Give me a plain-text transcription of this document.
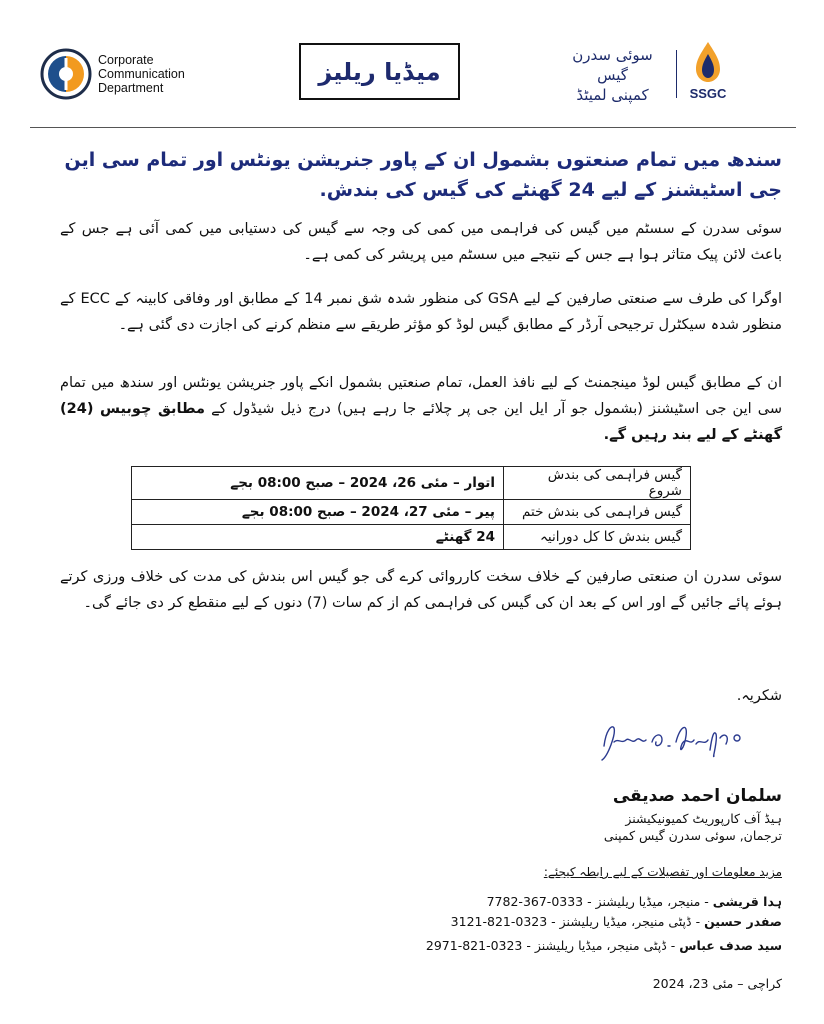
Corporate
Communication
Department
میڈیا ریلیز
سوئی سدرن گیس
کمپنی لمیٹڈ	SSGC
سندھ میں تمام صنعتوں بشمول ان کے پاور جنریشن یونٹس اور تمام سی این جی اسٹیشنز کے لیے 24 گھنٹے کی گیس کی بندش.
سوئی سدرن کے سسٹم میں گیس کی فراہمی میں کمی کی وجہ سے گیس کی دستیابی میں کمی آئی ہے جس کے باعث لائن پیک متاثر ہوا ہے جس کے نتیجے میں سسٹم میں پریشر کی کمی ہے۔
اوگرا کی طرف سے صنعتی صارفین کے لیے GSA کی منظور شدہ شق نمبر 14 کے مطابق اور وفاقی کابینہ کے ECC کے منظور شدہ سیکٹرل ترجیحی آرڈر کے مطابق گیس لوڈ کو مؤثر طریقے سے منظم کرنے کی اجازت دی گئی ہے۔
ان کے مطابق گیس لوڈ مینجمنٹ کے لیے نافذ العمل، تمام صنعتیں بشمول انکے پاور جنریشن یونٹس اور سندھ میں تمام سی این جی اسٹیشنز (بشمول جو آر ایل این جی پر چلائے جا رہے ہیں) درج ذیل شیڈول کے مطابق چوبیس (24) گھنٹے کے لیے بند رہیں گے.
گیس فراہمی کی بندش شروع	اتوار – مئی 26، 2024 – صبح 08:00 بجے
گیس فراہمی کی بندش ختم	پیر – مئی 27، 2024 – صبح 08:00 بجے
گیس بندش کا کل دورانیہ	24 گھنٹے
سوئی سدرن ان صنعتی صارفین کے خلاف سخت کارروائی کرے گی جو گیس اس بندش کی مدت کی خلاف ورزی کرتے ہوئے پائے جائیں گے اور اس کے بعد ان کی گیس کی فراہمی کم از کم سات (7) دنوں کے لیے منقطع کر دی جائے گی۔
شکریہ.
سلمان احمد صدیقی
ہیڈ آف کارپوریٹ کمیونیکیشنز
ترجمان, سوئی سدرن گیس کمپنی
مزید معلومات اور تفصیلات کے لیے رابطہ کیجئے:
ہدا قریشی - منیجر، میڈیا ریلیشنز - 0333-367-7782
صفدر حسین - ڈپٹی منیجر، میڈیا ریلیشنز - 0323-821-3121
سید صدف عباس - ڈپٹی منیجر، میڈیا ریلیشنز - 0323-821-2971
کراچی – مئی 23، 2024
